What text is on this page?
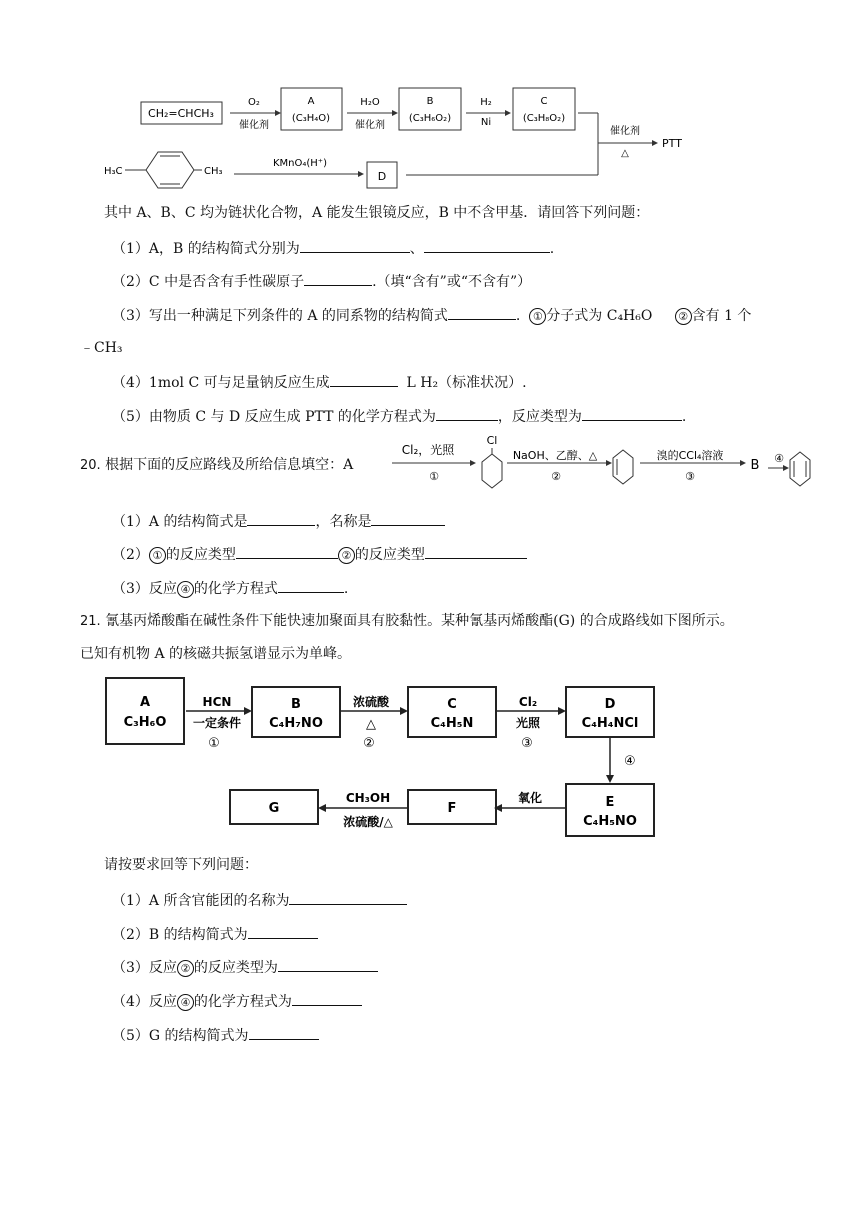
CH₂=CHCH₃
O₂
催化剂
A
(C₃H₄O)
H₂O
催化剂
B
(C₃H₆O₂)
H₂
Ni
C
(C₃H₈O₂)
催化剂
△
PTT
H₃C	CH₃
KMnO₄(H⁺)
D
其中 A、B、C 均为链状化合物，A 能发生银镜反应，B 中不含甲基．请回答下列问题：
（1）A，B 的结构简式分别为	、	.
（2）C 中是否含有手性碳原子	.（填“含有”或“不含有”）
（3）写出一种满足下列条件的 A 的同系物的结构简式	. ① 分子式为 C₄H₆O ② 含有 1 个
﹣CH₃
（4）1mol C 可与足量钠反应生成	L H₂（标准状况）.
（5）由物质 C 与 D 反应生成 PTT 的化学方程式为	，反应类型为	.
20. 根据下面的反应路线及所给信息填空：A
Cl₂，光照
①
Cl
NaOH、乙醇、△
②
溴的CCl₄溶液
③
B ④
（1）A 的结构简式是	，名称是
（2） ① 的反应类型	② 的反应类型
（3）反应 ④ 的化学方程式	.
21. 氰基丙烯酸酯在碱性条件下能快速加聚面具有胶黏性。某种氰基丙烯酸酯(G) 的合成路线如下图所示。
已知有机物 A 的核磁共振氢谱显示为单峰。
A
C₃H₆O
HCN
一定条件
①
B
C₄H₇NO
浓硫酸
△
②
C
C₄H₅N
Cl₂
光照
③
D
C₄H₄NCl
④
E
C₄H₅NO
氧化
F
CH₃OH
浓硫酸/△
G
请按要求回等下列问题：
（1）A 所含官能团的名称为
（2）B 的结构简式为
（3）反应 ② 的反应类型为
（4）反应 ④ 的化学方程式为
（5）G 的结构简式为
